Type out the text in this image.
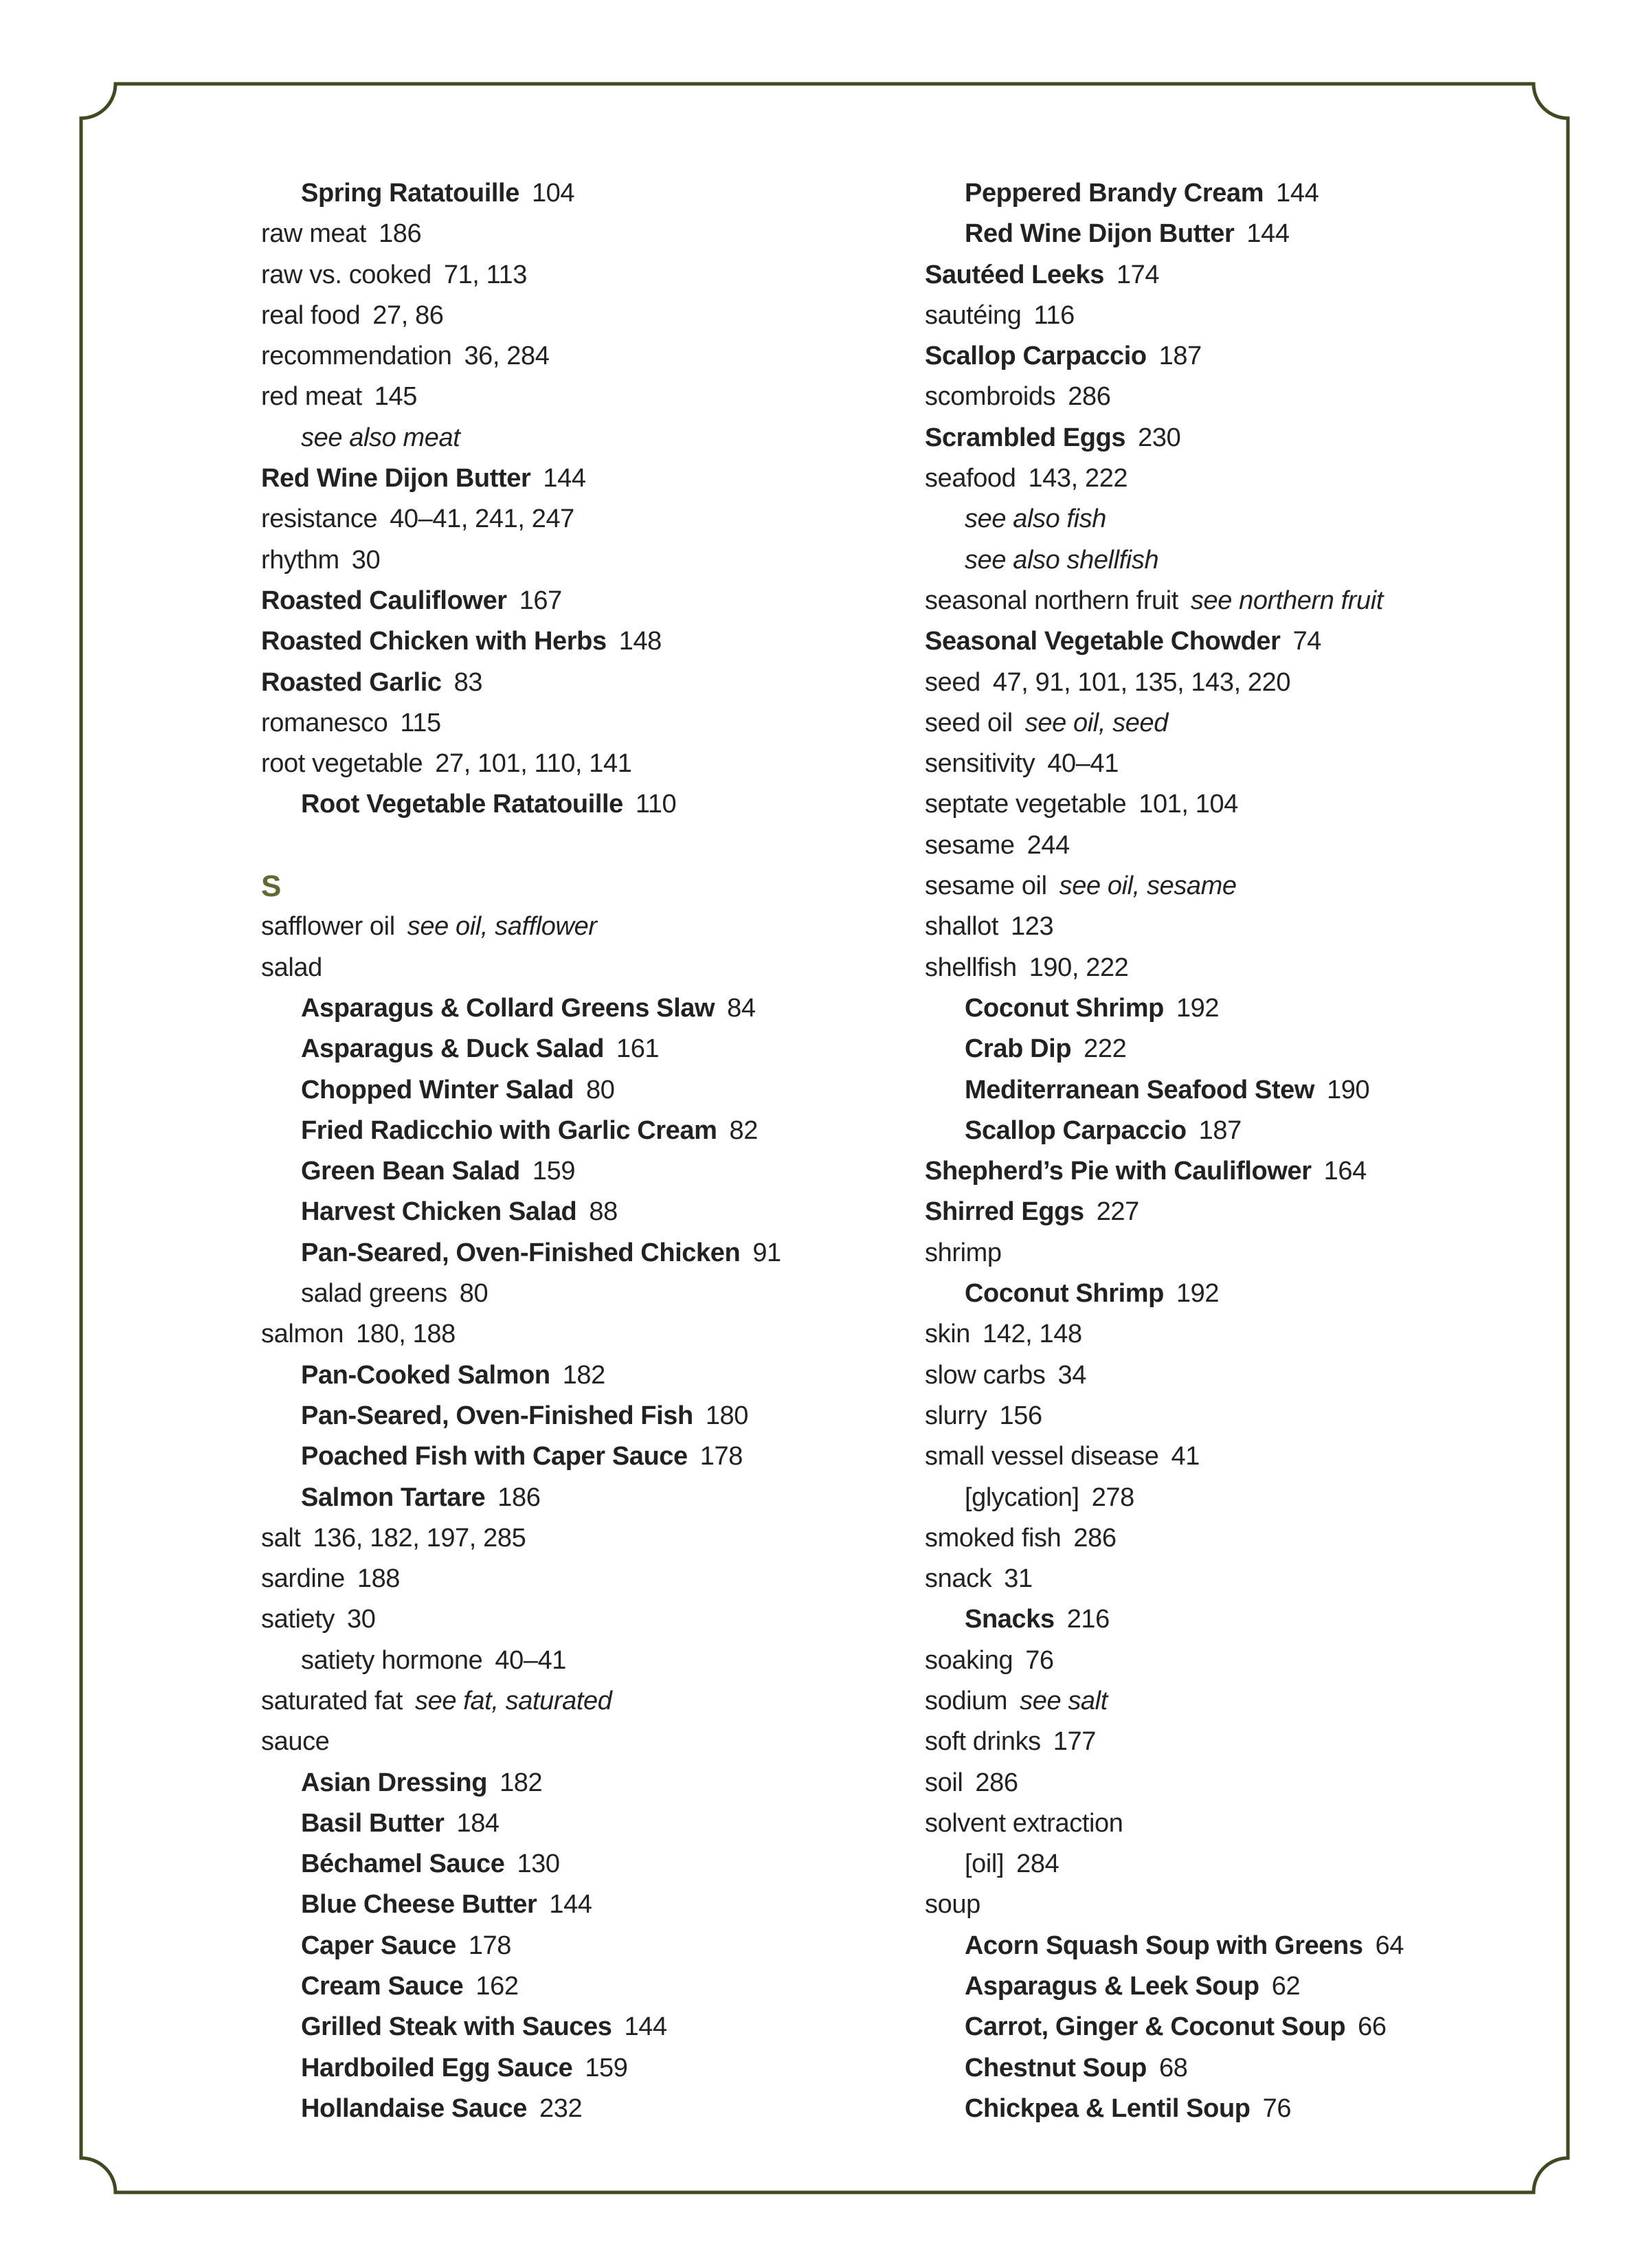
Spring Ratatouille 104
raw meat 186
raw vs. cooked 71, 113
real food 27, 86
recommendation 36, 284
red meat 145
see also meat
Red Wine Dijon Butter 144
resistance 40–41, 241, 247
rhythm 30
Roasted Cauliflower 167
Roasted Chicken with Herbs 148
Roasted Garlic 83
romanesco 115
root vegetable 27, 101, 110, 141
Root Vegetable Ratatouille 110
S
safflower oil see oil, safflower
salad
Asparagus & Collard Greens Slaw 84
Asparagus & Duck Salad 161
Chopped Winter Salad 80
Fried Radicchio with Garlic Cream 82
Green Bean Salad 159
Harvest Chicken Salad 88
Pan-Seared, Oven-Finished Chicken 91
salad greens 80
salmon 180, 188
Pan-Cooked Salmon 182
Pan-Seared, Oven-Finished Fish 180
Poached Fish with Caper Sauce 178
Salmon Tartare 186
salt 136, 182, 197, 285
sardine 188
satiety 30
satiety hormone 40–41
saturated fat see fat, saturated
sauce
Asian Dressing 182
Basil Butter 184
Béchamel Sauce 130
Blue Cheese Butter 144
Caper Sauce 178
Cream Sauce 162
Grilled Steak with Sauces 144
Hardboiled Egg Sauce 159
Hollandaise Sauce 232
Peppered Brandy Cream 144
Red Wine Dijon Butter 144
Sautéed Leeks 174
sautéing 116
Scallop Carpaccio 187
scombroids 286
Scrambled Eggs 230
seafood 143, 222
see also fish
see also shellfish
seasonal northern fruit see northern fruit
Seasonal Vegetable Chowder 74
seed 47, 91, 101, 135, 143, 220
seed oil see oil, seed
sensitivity 40–41
septate vegetable 101, 104
sesame 244
sesame oil see oil, sesame
shallot 123
shellfish 190, 222
Coconut Shrimp 192
Crab Dip 222
Mediterranean Seafood Stew 190
Scallop Carpaccio 187
Shepherd’s Pie with Cauliflower 164
Shirred Eggs 227
shrimp
Coconut Shrimp 192
skin 142, 148
slow carbs 34
slurry 156
small vessel disease 41
[glycation] 278
smoked fish 286
snack 31
Snacks 216
soaking 76
sodium see salt
soft drinks 177
soil 286
solvent extraction
[oil] 284
soup
Acorn Squash Soup with Greens 64
Asparagus & Leek Soup 62
Carrot, Ginger & Coconut Soup 66
Chestnut Soup 68
Chickpea & Lentil Soup 76
